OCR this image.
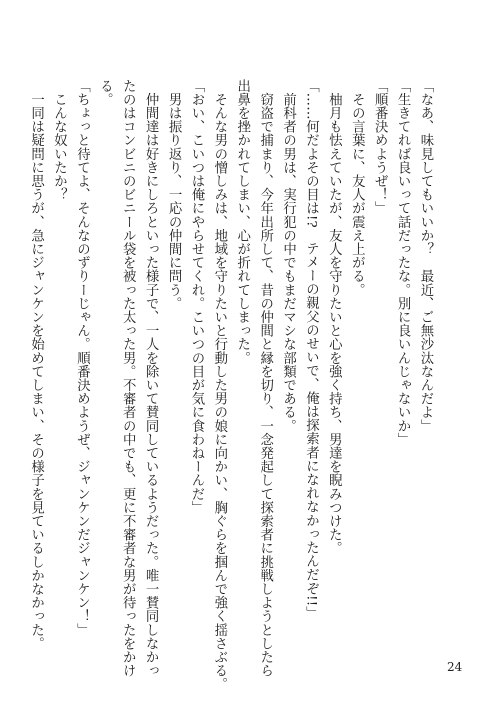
「なあ、味見してもいいか？　最近、ご無沙汰なんだよ」
「生きてれば良いって話だったな。別に良いんじゃないか」
「順番決めようぜ！」
　その言葉に、友人が震え上がる。
　柚月も怯えていたが、友人を守りたいと心を強く持ち、男達を睨みつけた。
「……何だよその目は!?　テメーの親父のせいで、俺は探索者になれなかったんだぞ!!」
　前科者の男は、実行犯の中でもまだマシな部類である。
　窃盗で捕まり、今年出所して、昔の仲間と縁を切り、一念発起して探索者に挑戦しようとしたら
出鼻を挫かれてしまい、心が折れてしまった。
　そんな男の憎しみは、地域を守りたいと行動した男の娘に向かい、胸ぐらを掴んで強く揺さぶる。
「おい、こいつは俺にやらせてくれ。こいつの目が気に食わねーんだ」
　男は振り返り、一応の仲間に問う。
　仲間達は好きにしろといった様子で、一人を除いて賛同しているようだった。唯一賛同しなかっ
たのはコンビニのビニール袋を被った太った男。不審者の中でも、更に不審者な男が待ったをかけ
る。
「ちょっと待てよ、そんなのずりーじゃん。順番決めようぜ、ジャンケンだジャンケン！」
　こんな奴いたか？
　一同は疑問に思うが、急にジャンケンを始めてしまい、その様子を見ているしかなかった。
24
